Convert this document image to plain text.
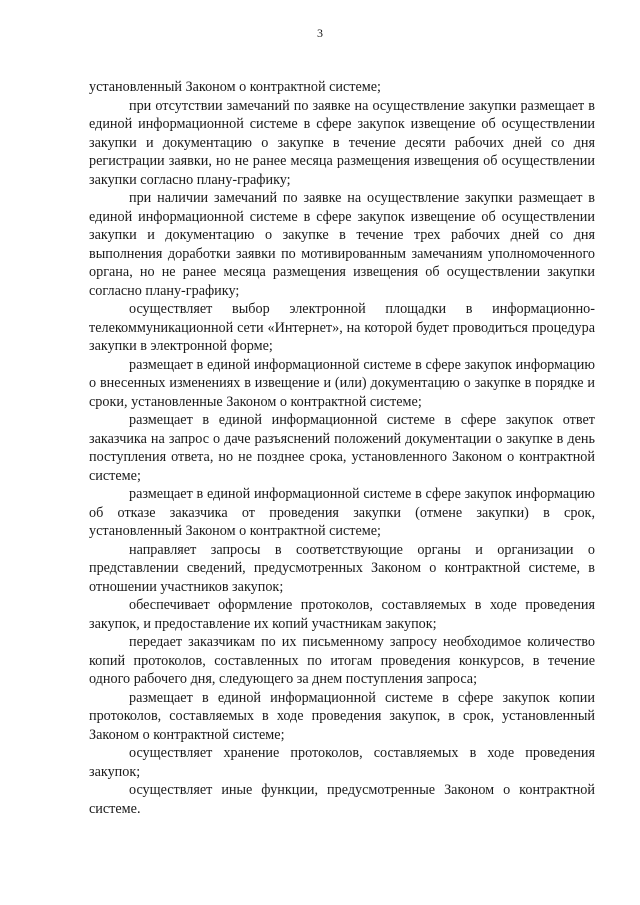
3

установленный Законом о контрактной системе;

при отсутствии замечаний по заявке на осуществление закупки размещает в единой информационной системе в сфере закупок извещение об осуществлении закупки и документацию о закупке в течение десяти рабочих дней со дня регистрации заявки, но не ранее месяца размещения извещения об осуществлении закупки согласно плану-графику;

при наличии замечаний по заявке на осуществление закупки размещает в единой информационной системе в сфере закупок извещение об осуществлении закупки и документацию о закупке в течение трех рабочих дней со дня выполнения доработки заявки по мотивированным замечаниям уполномоченного органа, но не ранее месяца размещения извещения об осуществлении закупки согласно плану-графику;

осуществляет выбор электронной площадки в информационно-телекоммуникационной сети «Интернет», на которой будет проводиться процедура закупки в электронной форме;

размещает в единой информационной системе в сфере закупок информацию о внесенных изменениях в извещение и (или) документацию о закупке в порядке и сроки, установленные Законом о контрактной системе;

размещает в единой информационной системе в сфере закупок ответ заказчика на запрос о даче разъяснений положений документации о закупке в день поступления ответа, но не позднее срока, установленного Законом о контрактной системе;

размещает в единой информационной системе в сфере закупок информацию об отказе заказчика от проведения закупки (отмене закупки) в срок, установленный Законом о контрактной системе;

направляет запросы в соответствующие органы и организации о представлении сведений, предусмотренных Законом о контрактной системе, в отношении участников закупок;

обеспечивает оформление протоколов, составляемых в ходе проведения закупок, и предоставление их копий участникам закупок;

передает заказчикам по их письменному запросу необходимое количество копий протоколов, составленных по итогам проведения конкурсов, в течение одного рабочего дня, следующего за днем поступления запроса;

размещает в единой информационной системе в сфере закупок копии протоколов, составляемых в ходе проведения закупок, в срок, установленный Законом о контрактной системе;

осуществляет хранение протоколов, составляемых в ходе проведения закупок;

осуществляет иные функции, предусмотренные Законом о контрактной системе.
